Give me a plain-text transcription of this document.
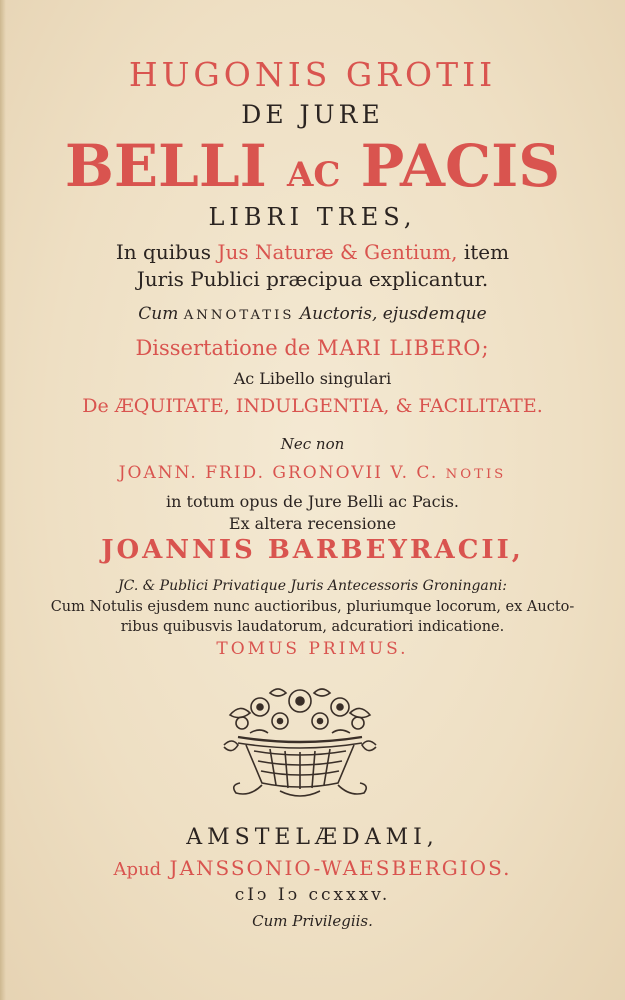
HUGONIS GROTII
DE JURE
BELLI AC PACIS
LIBRI TRES,
In quibus Jus Naturæ & Gentium, item
Juris Publici præcipua explicantur.
Cum ANNOTATIS Auctoris, ejusdemque
Dissertatione de MARI LIBERO;
Ac Libello singulari
De ÆQUITATE, INDULGENTIA, & FACILITATE.
Nec non
JOANN. FRID. GRONOVII V. C. NOTIS
in totum opus de Jure Belli ac Pacis.
Ex altera recensione
JOANNIS BARBEYRACII,
JC. & Publici Privatique Juris Antecessoris Groningani:
Cum Notulis ejusdem nunc auctioribus, pluriumque locorum, ex Aucto-
ribus quibusvis laudatorum, adcuratiori indicatione.
TOMUS PRIMUS.
AMSTELÆDAMI,
Apud JANSSONIO-WAESBERGIOS.
cIↄ Iↄ ccxxxv.
Cum Privilegiis.
